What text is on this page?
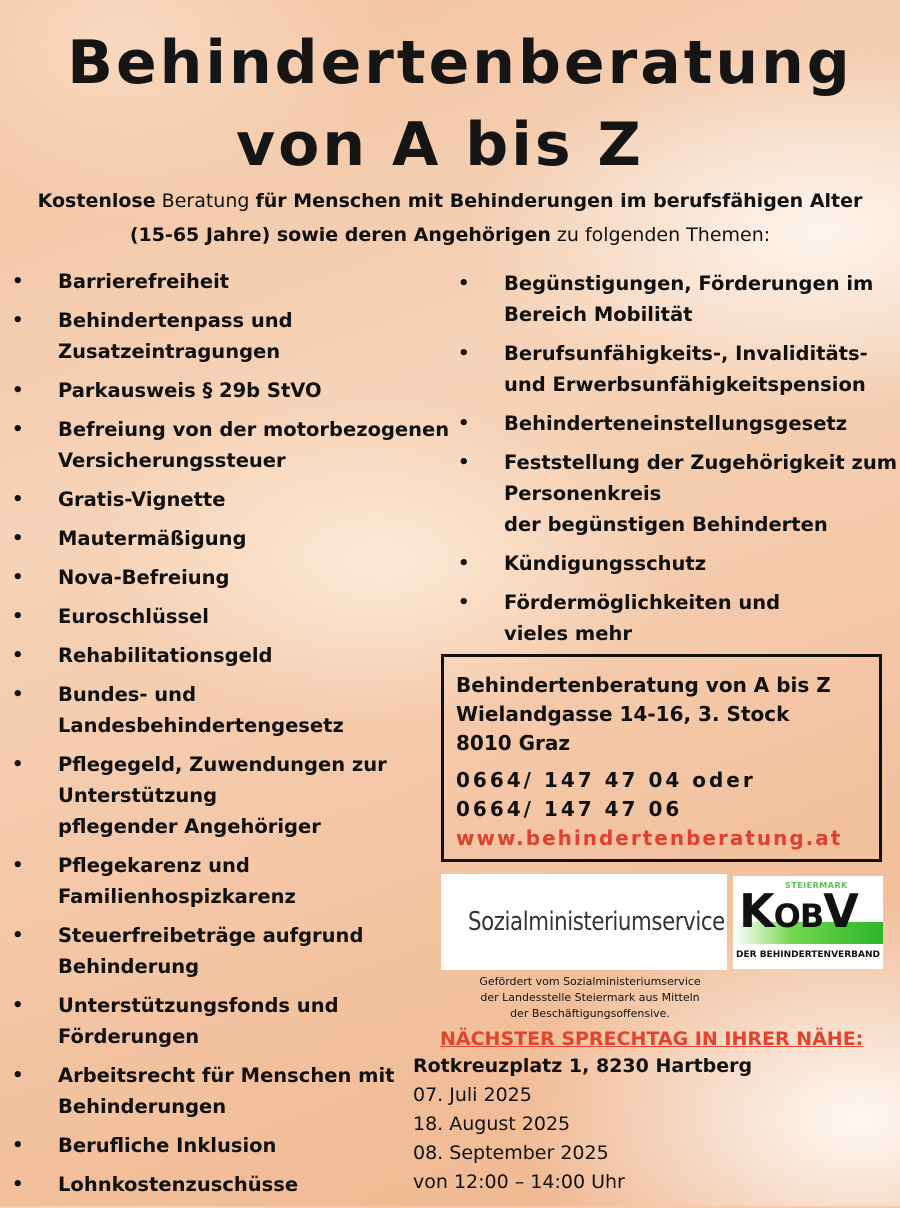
Behindertenberatung
von A bis Z
Kostenlose Beratung für Menschen mit Behinderungen im berufsfähigen Alter
(15-65 Jahre) sowie deren Angehörigen zu folgenden Themen:
• Barrierefreiheit
• Behindertenpass und
Zusatzeintragungen
• Parkausweis § 29b StVO
• Befreiung von der motorbezogenen
Versicherungssteuer
• Gratis-Vignette
• Mautermäßigung
• Nova-Befreiung
• Euroschlüssel
• Rehabilitationsgeld
• Bundes- und
Landesbehindertengesetz
• Pflegegeld, Zuwendungen zur
Unterstützung
pflegender Angehöriger
• Pflegekarenz und
Familienhospizkarenz
• Steuerfreibeträge aufgrund
Behinderung
• Unterstützungsfonds und
Förderungen
• Arbeitsrecht für Menschen mit
Behinderungen
• Berufliche Inklusion
• Lohnkostenzuschüsse
• Begünstigungen, Förderungen im
Bereich Mobilität
• Berufsunfähigkeits-, Invaliditäts-
und Erwerbsunfähigkeitspension
• Behinderteneinstellungsgesetz
• Feststellung der Zugehörigkeit zum
Personenkreis
der begünstigen Behinderten
• Kündigungsschutz
• Fördermöglichkeiten und
vieles mehr
Behindertenberatung von A bis Z
Wielandgasse 14-16, 3. Stock
8010 Graz
0664/ 147 47 04 oder
0664/ 147 47 06
www.behindertenberatung.at
Sozialministeriumservice
STEIERMARK
KOBV
DER BEHINDERTENVERBAND
Gefördert vom Sozialministeriumservice
der Landesstelle Steiermark aus Mitteln
der Beschäftigungsoffensive.
NÄCHSTER SPRECHTAG IN IHRER NÄHE:
Rotkreuzplatz 1, 8230 Hartberg
07. Juli 2025
18. August 2025
08. September 2025
von 12:00 – 14:00 Uhr
